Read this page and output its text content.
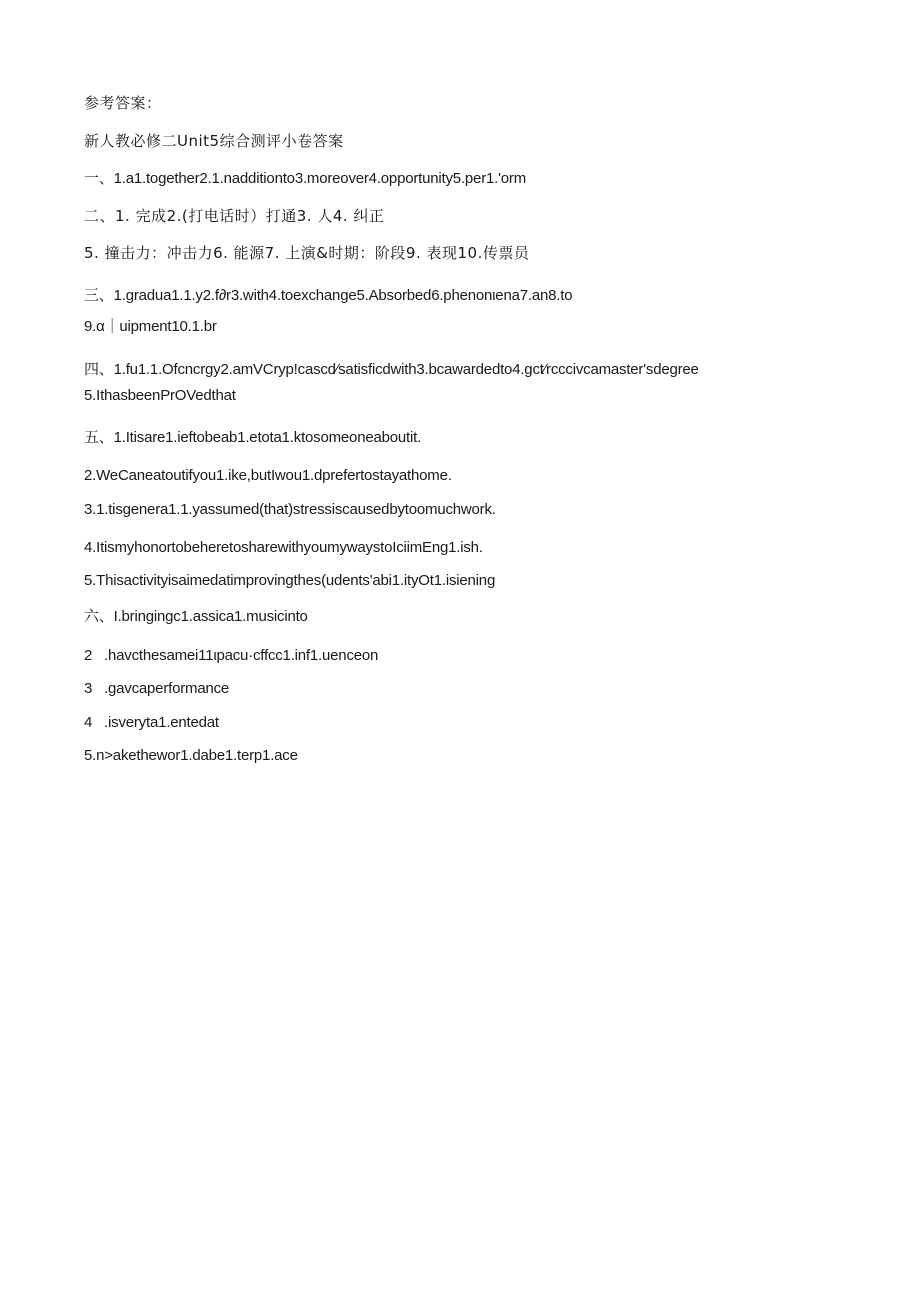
参考答案：

新人教必修二Unit5综合测评小卷答案

一、1.a1.together2.1.nadditionto3.moreover4.opportunity5.per1.'orm

二、1. 完成2.(打电话时）打通3. 人4. 纠正

5. 撞击力：冲击力6. 能源7. 上演&时期：阶段9. 表现10.传票员

三、1.gradua1.1.y2.f∂r3.with4.toexchange5.Absorbed6.phenonιena7.an8.to

9.α｜uipment10.1.br

四、1.fu1.1.Ofcncrgy2.amVCryp!cascd∕satisficdwith3.bcawardedto4.gct∕rcccivcamaster'sdegree

5.IthasbeenPrOVedthat

五、1.Itisare1.iefto​beab1.etota1.ktosomeoneaboutit.

2.WeCaneatoutifyou1.ike,butIwou1.dprefertostayathome.

3.1.tisgenera1.1.yassumed(that)stressiscausedbytoomuchwork.

4.ItismyhonortobeheretosharewithyoumywaystoIciimEng1.ish.

5.Thisactivityisaimedatimprovingthes(udents'abi1.ityOt1.isiening

六、I.bringingc1.assica1.musicinto

2   .havcthesamei11ιpacu·cffcc1.inf1.uenceon

3   .gavcaperformance

4   .isveryta1.entedat

5.n>akethewor1.dabe1.terp1.ace
